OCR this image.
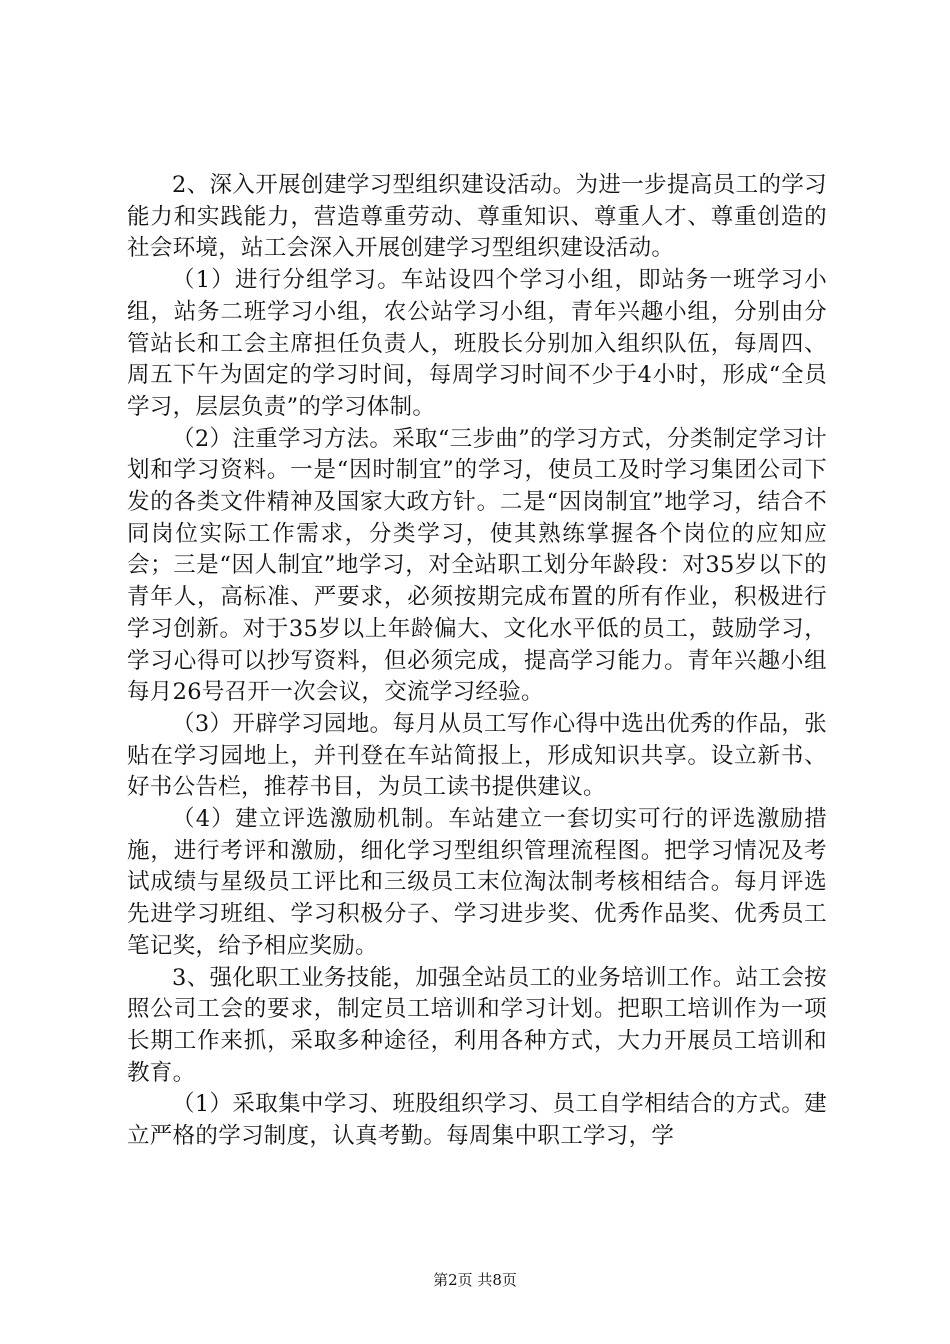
2、深入开展创建学习型组织建设活动。为进一步提高员工的学习能力和实践能力，营造尊重劳动、尊重知识、尊重人才、尊重创造的社会环境，站工会深入开展创建学习型组织建设活动。

（1）进行分组学习。车站设四个学习小组，即站务一班学习小组，站务二班学习小组，农公站学习小组，青年兴趣小组，分别由分管站长和工会主席担任负责人，班股长分别加入组织队伍，每周四、周五下午为固定的学习时间，每周学习时间不少于4小时，形成“全员学习，层层负责”的学习体制。

（2）注重学习方法。采取“三步曲”的学习方式，分类制定学习计划和学习资料。一是“因时制宜”的学习，使员工及时学习集团公司下发的各类文件精神及国家大政方针。二是“因岗制宜”地学习，结合不同岗位实际工作需求，分类学习，使其熟练掌握各个岗位的应知应会；三是“因人制宜”地学习，对全站职工划分年龄段：对35岁以下的青年人，高标准、严要求，必须按期完成布置的所有作业，积极进行学习创新。对于35岁以上年龄偏大、文化水平低的员工，鼓励学习，学习心得可以抄写资料，但必须完成，提高学习能力。青年兴趣小组每月26号召开一次会议，交流学习经验。

（3）开辟学习园地。每月从员工写作心得中选出优秀的作品，张贴在学习园地上，并刊登在车站简报上，形成知识共享。设立新书、好书公告栏，推荐书目，为员工读书提供建议。

（4）建立评选激励机制。车站建立一套切实可行的评选激励措施，进行考评和激励，细化学习型组织管理流程图。把学习情况及考试成绩与星级员工评比和三级员工末位淘汰制考核相结合。每月评选先进学习班组、学习积极分子、学习进步奖、优秀作品奖、优秀员工笔记奖，给予相应奖励。

3、强化职工业务技能，加强全站员工的业务培训工作。站工会按照公司工会的要求，制定员工培训和学习计划。把职工培训作为一项长期工作来抓，采取多种途径，利用各种方式，大力开展员工培训和教育。

（1）采取集中学习、班股组织学习、员工自学相结合的方式。建立严格的学习制度，认真考勤。每周集中职工学习，学

第2页 共8页
